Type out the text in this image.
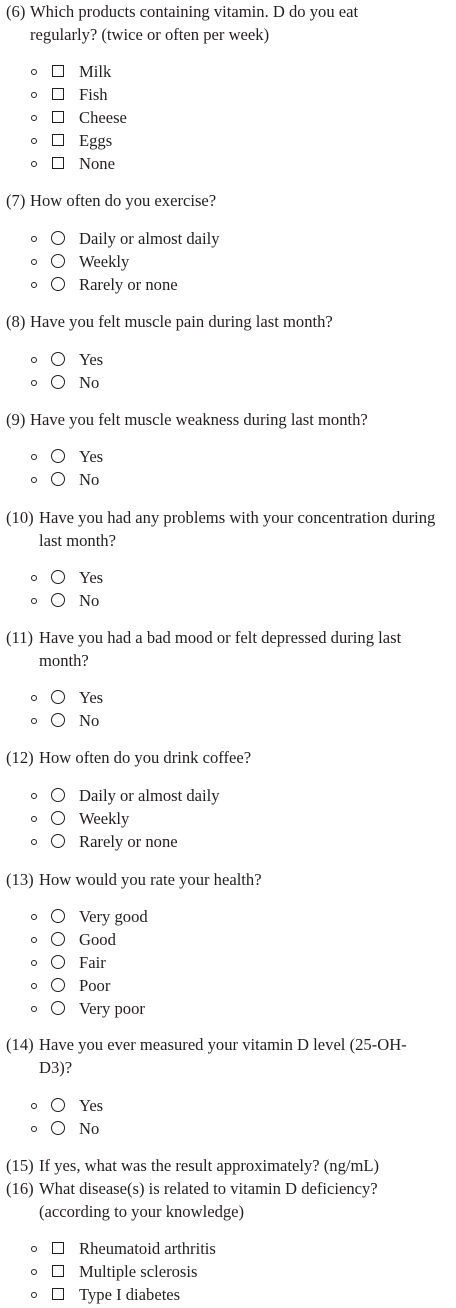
(6) Which products containing vitamin. D do you eat regularly? (twice or often per week)
Milk
Fish
Cheese
Eggs
None
(7) How often do you exercise?
Daily or almost daily
Weekly
Rarely or none
(8) Have you felt muscle pain during last month?
Yes
No
(9) Have you felt muscle weakness during last month?
Yes
No
(10) Have you had any problems with your concentration during last month?
Yes
No
(11) Have you had a bad mood or felt depressed during last month?
Yes
No
(12) How often do you drink coffee?
Daily or almost daily
Weekly
Rarely or none
(13) How would you rate your health?
Very good
Good
Fair
Poor
Very poor
(14) Have you ever measured your vitamin D level (25-OH-D3)?
Yes
No
(15) If yes, what was the result approximately? (ng/mL)
(16) What disease(s) is related to vitamin D deficiency? (according to your knowledge)
Rheumatoid arthritis
Multiple sclerosis
Type I diabetes
